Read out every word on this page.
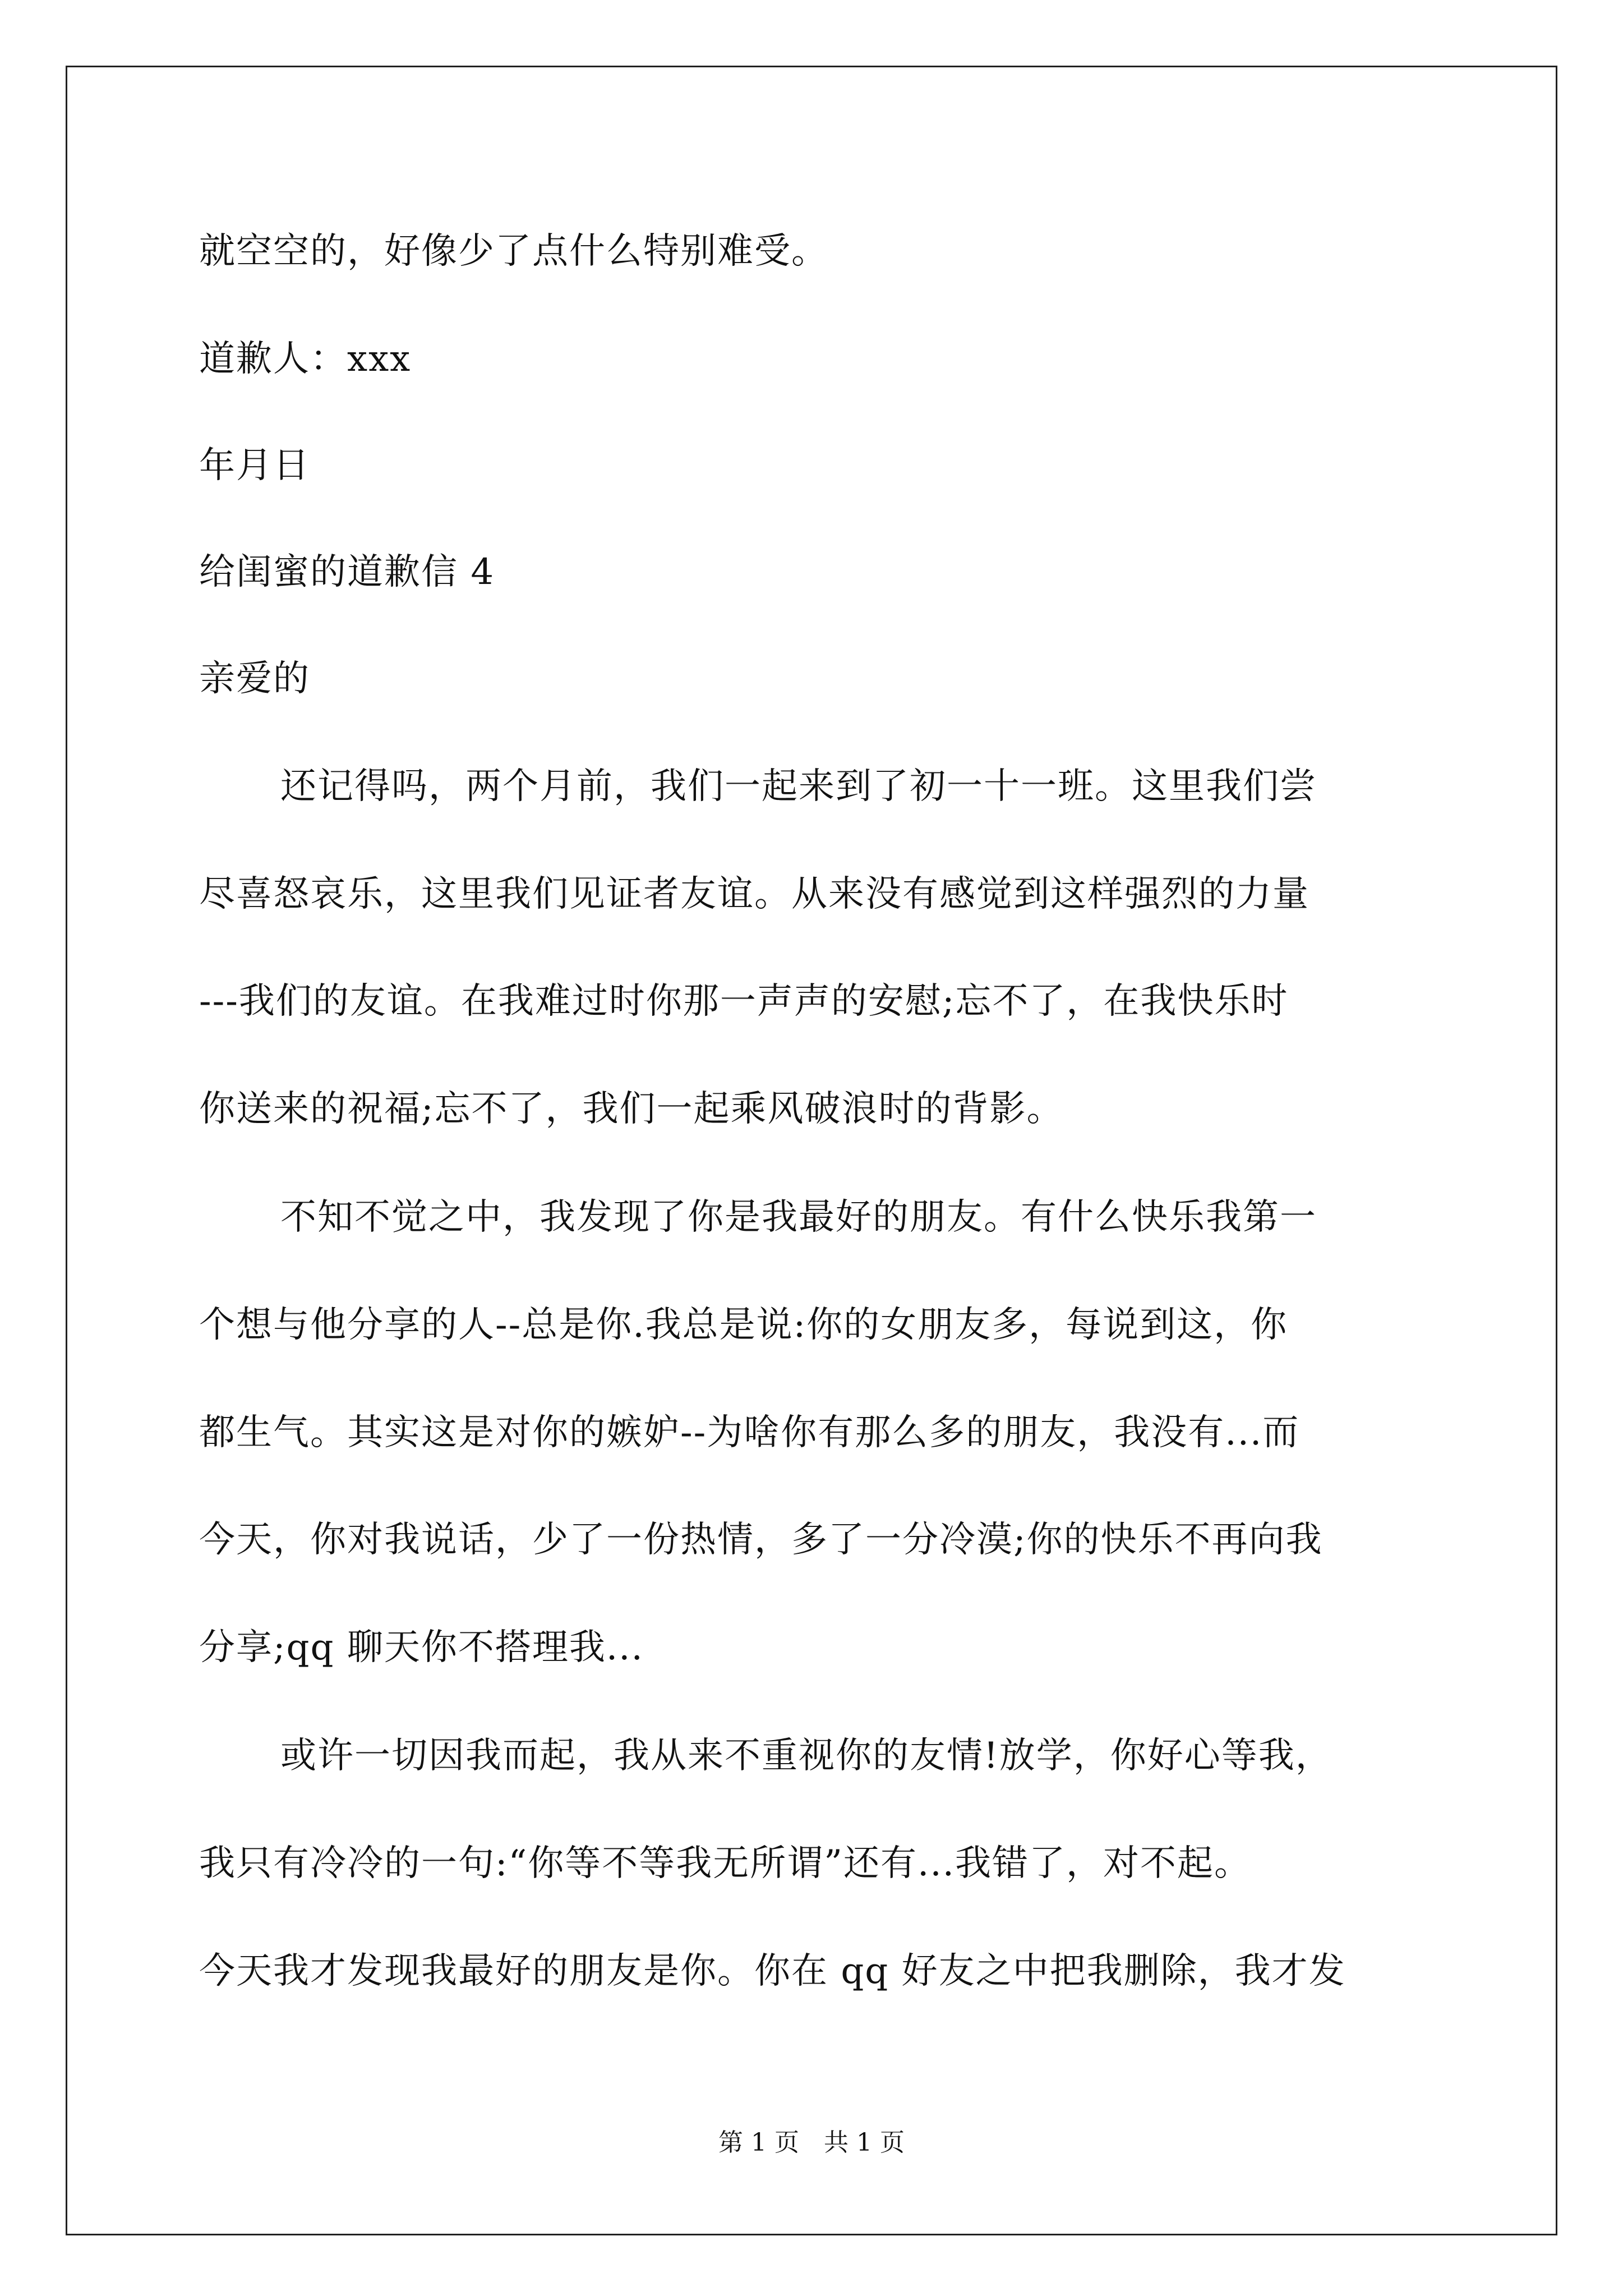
就空空的，好像少了点什么特别难受。
道歉人：xxx
年月日
给闺蜜的道歉信 4
亲爱的
还记得吗，两个月前，我们一起来到了初一十一班。这里我们尝
尽喜怒哀乐，这里我们见证者友谊。从来没有感觉到这样强烈的力量
---我们的友谊。在我难过时你那一声声的安慰;忘不了，在我快乐时
你送来的祝福;忘不了，我们一起乘风破浪时的背影。
不知不觉之中，我发现了你是我最好的朋友。有什么快乐我第一
个想与他分享的人--总是你.我总是说:你的女朋友多，每说到这，你
都生气。其实这是对你的嫉妒--为啥你有那么多的朋友，我没有...而
今天，你对我说话，少了一份热情，多了一分冷漠;你的快乐不再向我
分享;qq 聊天你不搭理我...
或许一切因我而起，我从来不重视你的友情!放学，你好心等我，
我只有冷冷的一句:“你等不等我无所谓”还有...我错了，对不起。
今天我才发现我最好的朋友是你。你在 qq 好友之中把我删除，我才发
第 1 页　共 1 页
